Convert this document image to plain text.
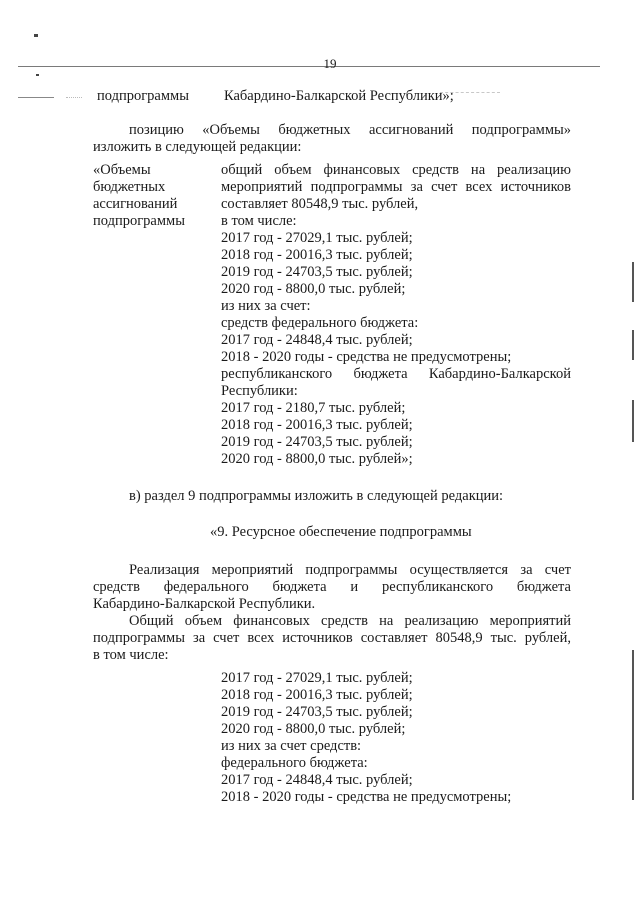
19
подпрограммы Кабардино-Балкарской Республики»;
позицию «Объемы бюджетных ассигнований подпрограммы»
изложить в следующей редакции:
«Объемы
бюджетных
ассигнований
подпрограммы
общий объем финансовых средств на реализацию
мероприятий подпрограммы за счет всех источников
составляет 80548,9 тыс. рублей,
в том числе:
2017 год - 27029,1 тыс. рублей;
2018 год - 20016,3 тыс. рублей;
2019 год - 24703,5 тыс. рублей;
2020 год - 8800,0 тыс. рублей;
из них за счет:
средств федерального бюджета:
2017 год - 24848,4 тыс. рублей;
2018 - 2020 годы - средства не предусмотрены;
республиканского бюджета Кабардино-Балкарской
Республики:
2017 год - 2180,7 тыс. рублей;
2018 год - 20016,3 тыс. рублей;
2019 год - 24703,5 тыс. рублей;
2020 год - 8800,0 тыс. рублей»;
в) раздел 9 подпрограммы изложить в следующей редакции:
«9. Ресурсное обеспечение подпрограммы
Реализация мероприятий подпрограммы осуществляется за счет
средств федерального бюджета и республиканского бюджета
Кабардино-Балкарской Республики.
Общий объем финансовых средств на реализацию мероприятий
подпрограммы за счет всех источников составляет 80548,9 тыс. рублей,
в том числе:
2017 год - 27029,1 тыс. рублей;
2018 год - 20016,3 тыс. рублей;
2019 год - 24703,5 тыс. рублей;
2020 год - 8800,0 тыс. рублей;
из них за счет средств:
федерального бюджета:
2017 год - 24848,4 тыс. рублей;
2018 - 2020 годы - средства не предусмотрены;
